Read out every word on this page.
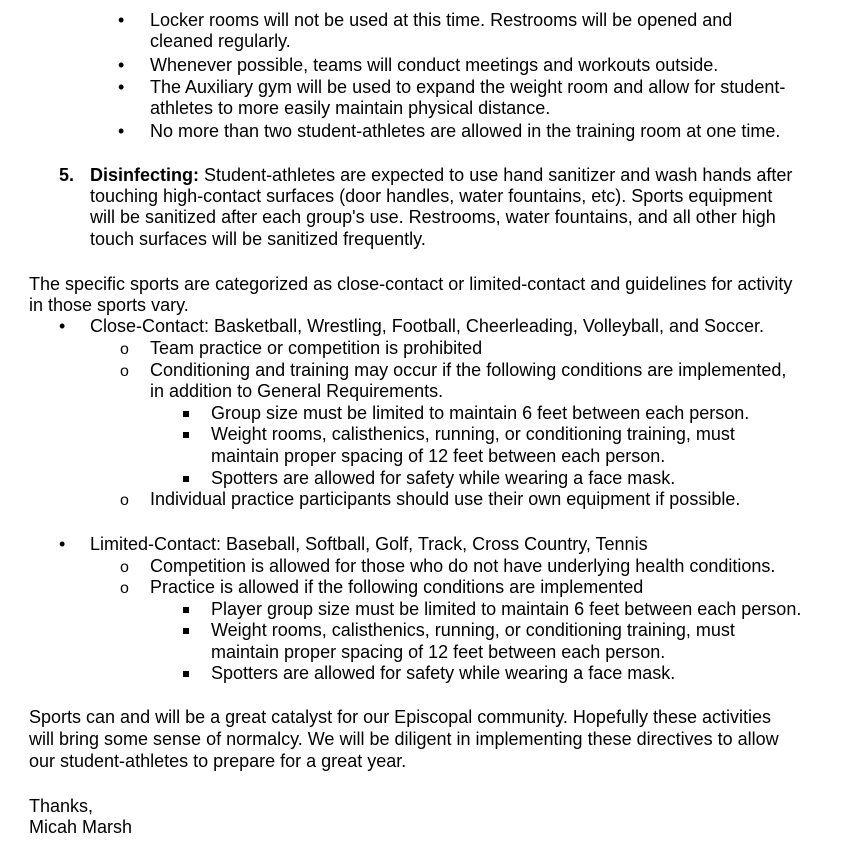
• Locker rooms will not be used at this time. Restrooms will be opened and
cleaned regularly.
• Whenever possible, teams will conduct meetings and workouts outside.
• The Auxiliary gym will be used to expand the weight room and allow for student-
athletes to more easily maintain physical distance.
• No more than two student-athletes are allowed in the training room at one time.
5. Disinfecting: Student-athletes are expected to use hand sanitizer and wash hands after
touching high-contact surfaces (door handles, water fountains, etc). Sports equipment
will be sanitized after each group's use. Restrooms, water fountains, and all other high
touch surfaces will be sanitized frequently.
The specific sports are categorized as close-contact or limited-contact and guidelines for activity
in those sports vary.
• Close-Contact: Basketball, Wrestling, Football, Cheerleading, Volleyball, and Soccer.
o Team practice or competition is prohibited
o Conditioning and training may occur if the following conditions are implemented,
in addition to General Requirements.
Group size must be limited to maintain 6 feet between each person.
Weight rooms, calisthenics, running, or conditioning training, must
maintain proper spacing of 12 feet between each person.
Spotters are allowed for safety while wearing a face mask.
o Individual practice participants should use their own equipment if possible.
• Limited-Contact: Baseball, Softball, Golf, Track, Cross Country, Tennis
o Competition is allowed for those who do not have underlying health conditions.
o Practice is allowed if the following conditions are implemented
Player group size must be limited to maintain 6 feet between each person.
Weight rooms, calisthenics, running, or conditioning training, must
maintain proper spacing of 12 feet between each person.
Spotters are allowed for safety while wearing a face mask.
Sports can and will be a great catalyst for our Episcopal community. Hopefully these activities
will bring some sense of normalcy. We will be diligent in implementing these directives to allow
our student-athletes to prepare for a great year.
Thanks,
Micah Marsh
